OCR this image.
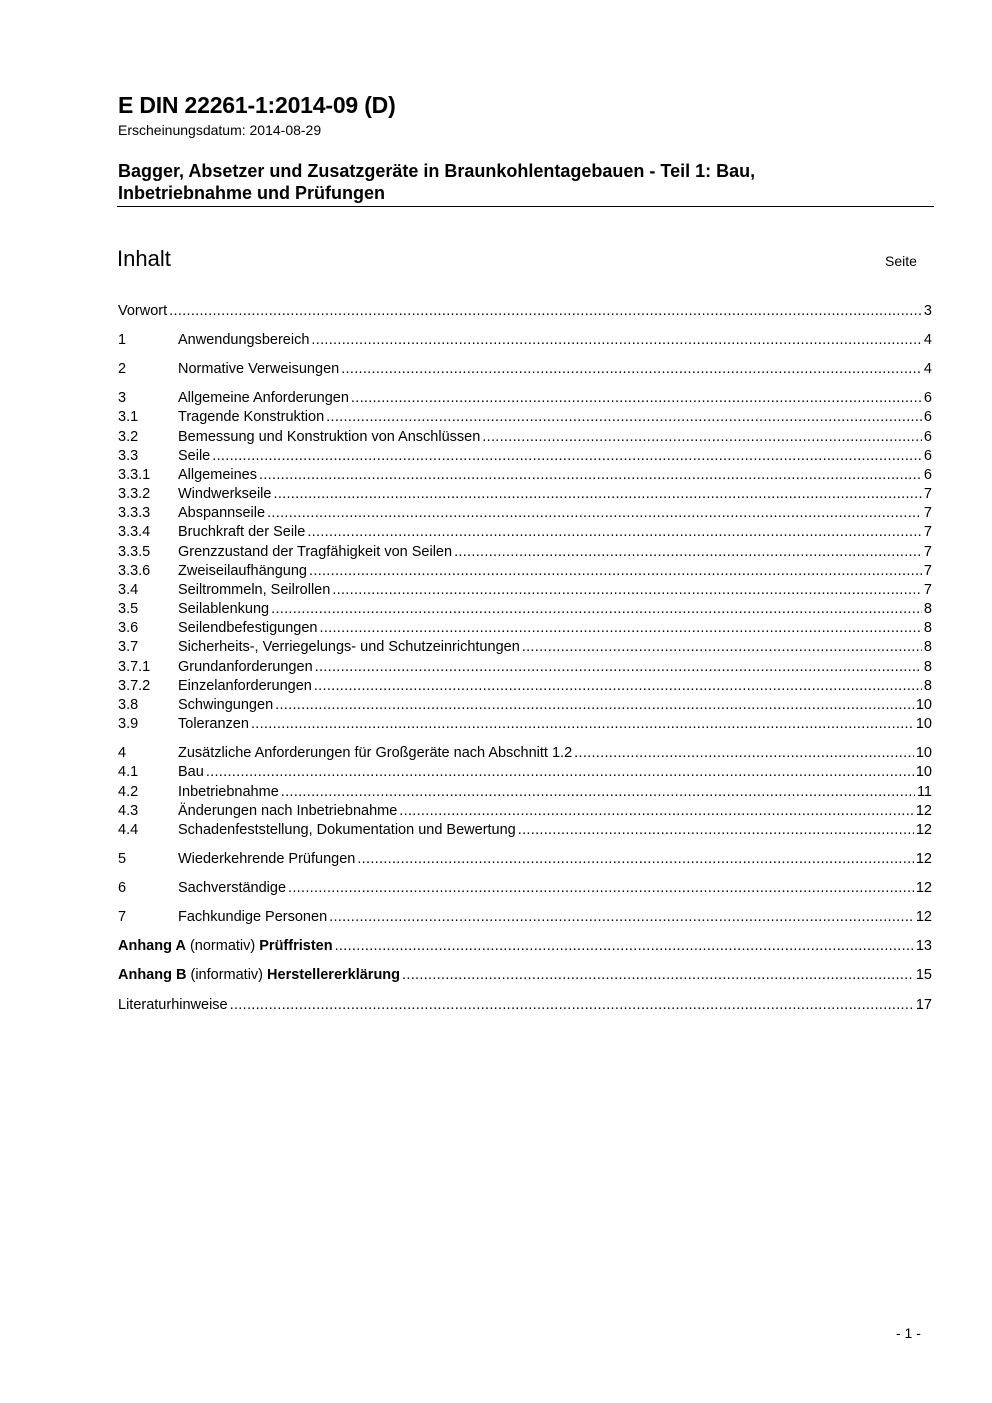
E DIN 22261-1:2014-09 (D)
Erscheinungsdatum: 2014-08-29
Bagger, Absetzer und Zusatzgeräte in Braunkohlentagebauen - Teil 1: Bau, Inbetriebnahme und Prüfungen
Inhalt	Seite
Vorwort .....	3
1	Anwendungsbereich .....	4
2	Normative Verweisungen .....	4
3	Allgemeine Anforderungen .....	6
3.1	Tragende Konstruktion .....	6
3.2	Bemessung und Konstruktion von Anschlüssen .....	6
3.3	Seile .....	6
3.3.1	Allgemeines .....	6
3.3.2	Windwerkseile .....	7
3.3.3	Abspannseile .....	7
3.3.4	Bruchkraft der Seile .....	7
3.3.5	Grenzzustand der Tragfähigkeit von Seilen .....	7
3.3.6	Zweiseilaufhängung .....	7
3.4	Seiltrommeln, Seilrollen .....	7
3.5	Seilablenkung .....	8
3.6	Seilendbefestigungen .....	8
3.7	Sicherheits-, Verriegelungs- und Schutzeinrichtungen .....	8
3.7.1	Grundanforderungen .....	8
3.7.2	Einzelanforderungen .....	8
3.8	Schwingungen .....	10
3.9	Toleranzen .....	10
4	Zusätzliche Anforderungen für Großgeräte nach Abschnitt 1.2 .....	10
4.1	Bau .....	10
4.2	Inbetriebnahme .....	11
4.3	Änderungen nach Inbetriebnahme .....	12
4.4	Schadenfeststellung, Dokumentation und Bewertung .....	12
5	Wiederkehrende Prüfungen .....	12
6	Sachverständige .....	12
7	Fachkundige Personen .....	12
Anhang A (normativ) Prüffristen .....	13
Anhang B (informativ) Herstellererklärung .....	15
Literaturhinweise .....	17
- 1 -
